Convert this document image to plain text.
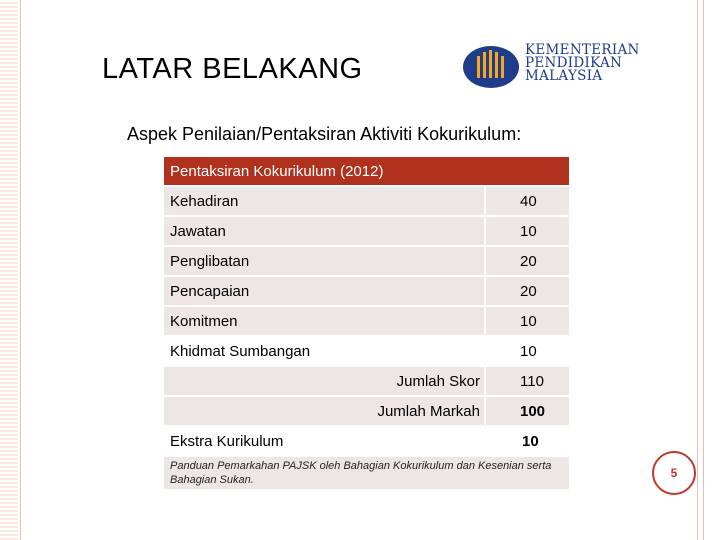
LATAR BELAKANG
KEMENTERIAN
PENDIDIKAN
MALAYSIA
Aspek Penilaian/Pentaksiran Aktiviti Kokurikulum:
Pentaksiran Kokurikulum (2012)
Kehadiran	40
Jawatan	10
Penglibatan	20
Pencapaian	20
Komitmen	10
Khidmat Sumbangan	10
Jumlah Skor	110
Jumlah Markah	100
Ekstra Kurikulum	10
Panduan Pemarkahan PAJSK oleh Bahagian Kokurikulum dan Kesenian serta Bahagian Sukan.	5
